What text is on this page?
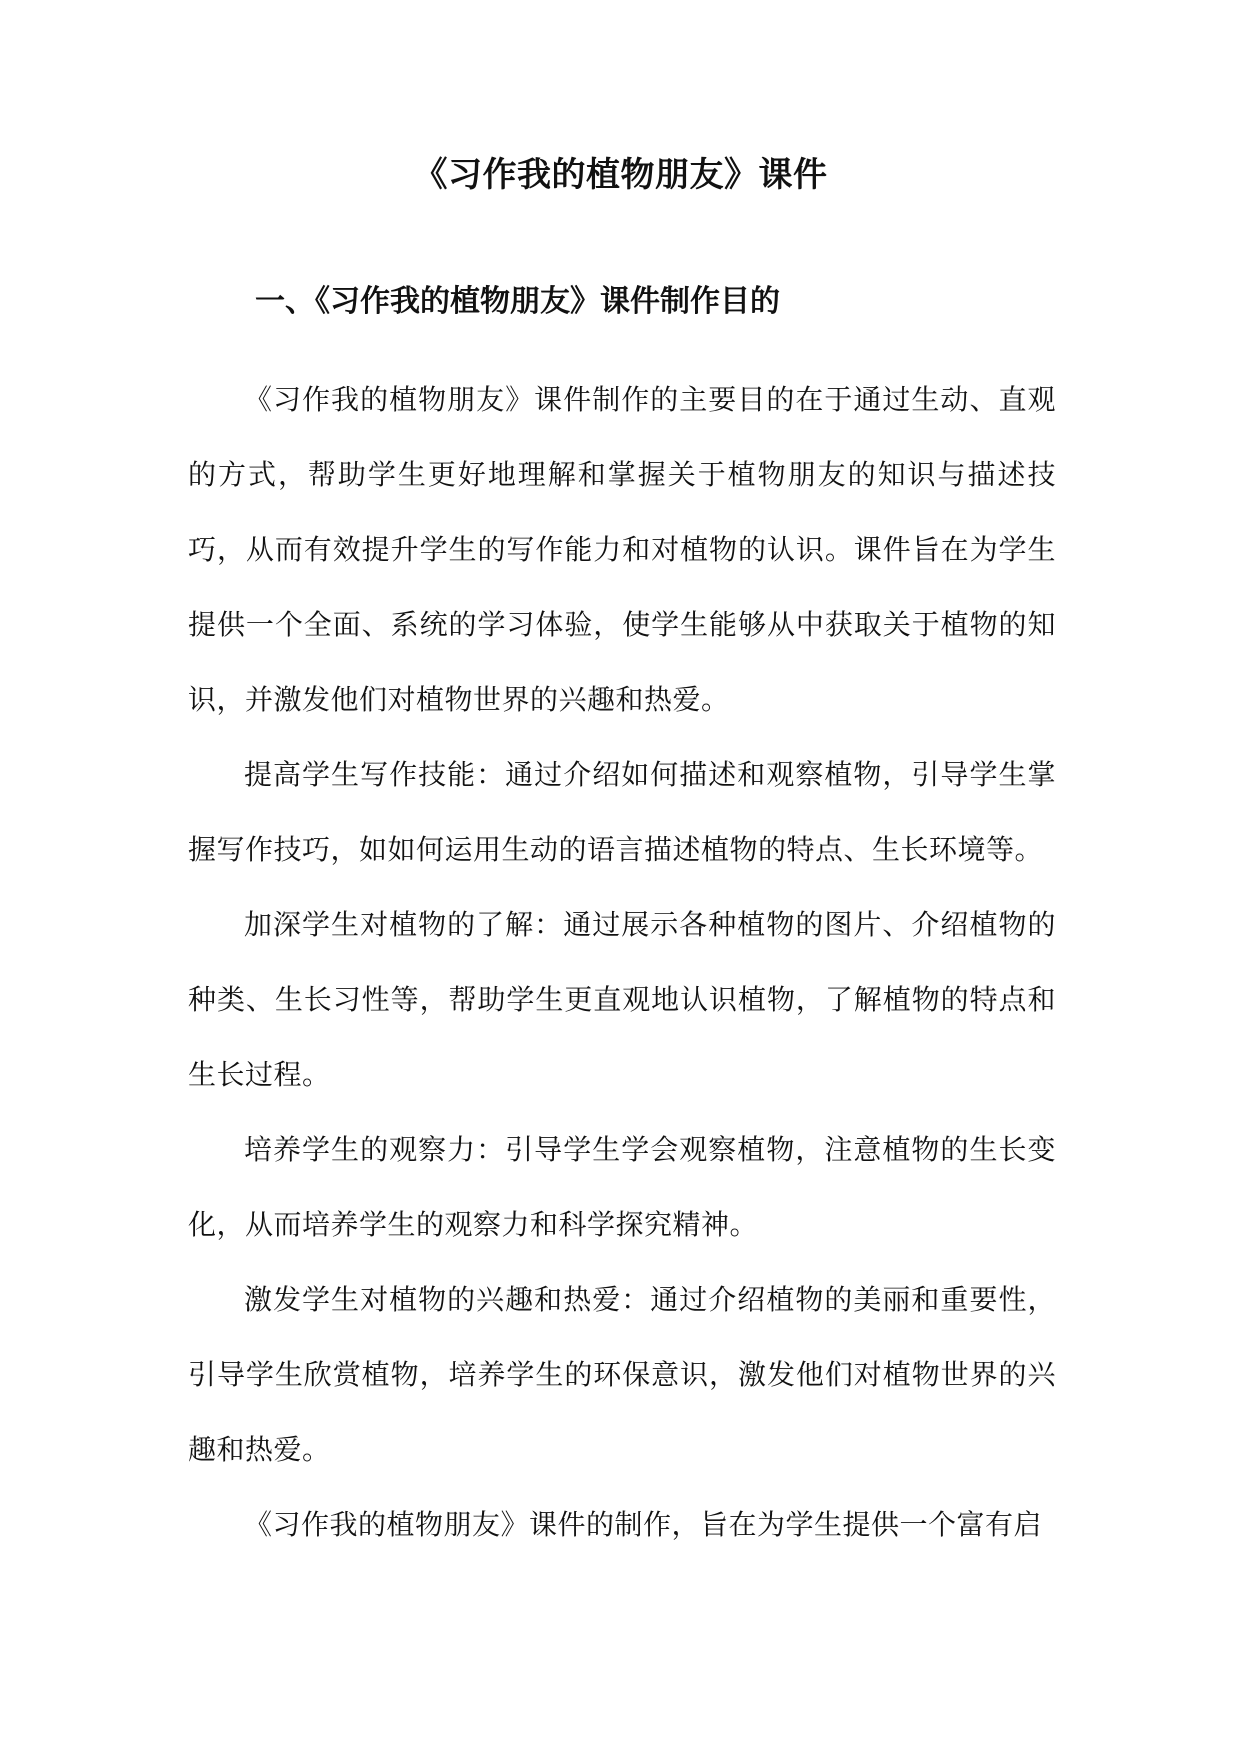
《习作我的植物朋友》课件
一、《习作我的植物朋友》课件制作目的

《习作我的植物朋友》课件制作的主要目的在于通过生动、直观的方式，帮助学生更好地理解和掌握关于植物朋友的知识与描述技巧，从而有效提升学生的写作能力和对植物的认识。课件旨在为学生提供一个全面、系统的学习体验，使学生能够从中获取关于植物的知识，并激发他们对植物世界的兴趣和热爱。

提高学生写作技能：通过介绍如何描述和观察植物，引导学生掌握写作技巧，如如何运用生动的语言描述植物的特点、生长环境等。

加深学生对植物的了解：通过展示各种植物的图片、介绍植物的种类、生长习性等，帮助学生更直观地认识植物，了解植物的特点和生长过程。

培养学生的观察力：引导学生学会观察植物，注意植物的生长变化，从而培养学生的观察力和科学探究精神。

激发学生对植物的兴趣和热爱：通过介绍植物的美丽和重要性，引导学生欣赏植物，培养学生的环保意识，激发他们对植物世界的兴趣和热爱。

《习作我的植物朋友》课件的制作，旨在为学生提供一个富有启
